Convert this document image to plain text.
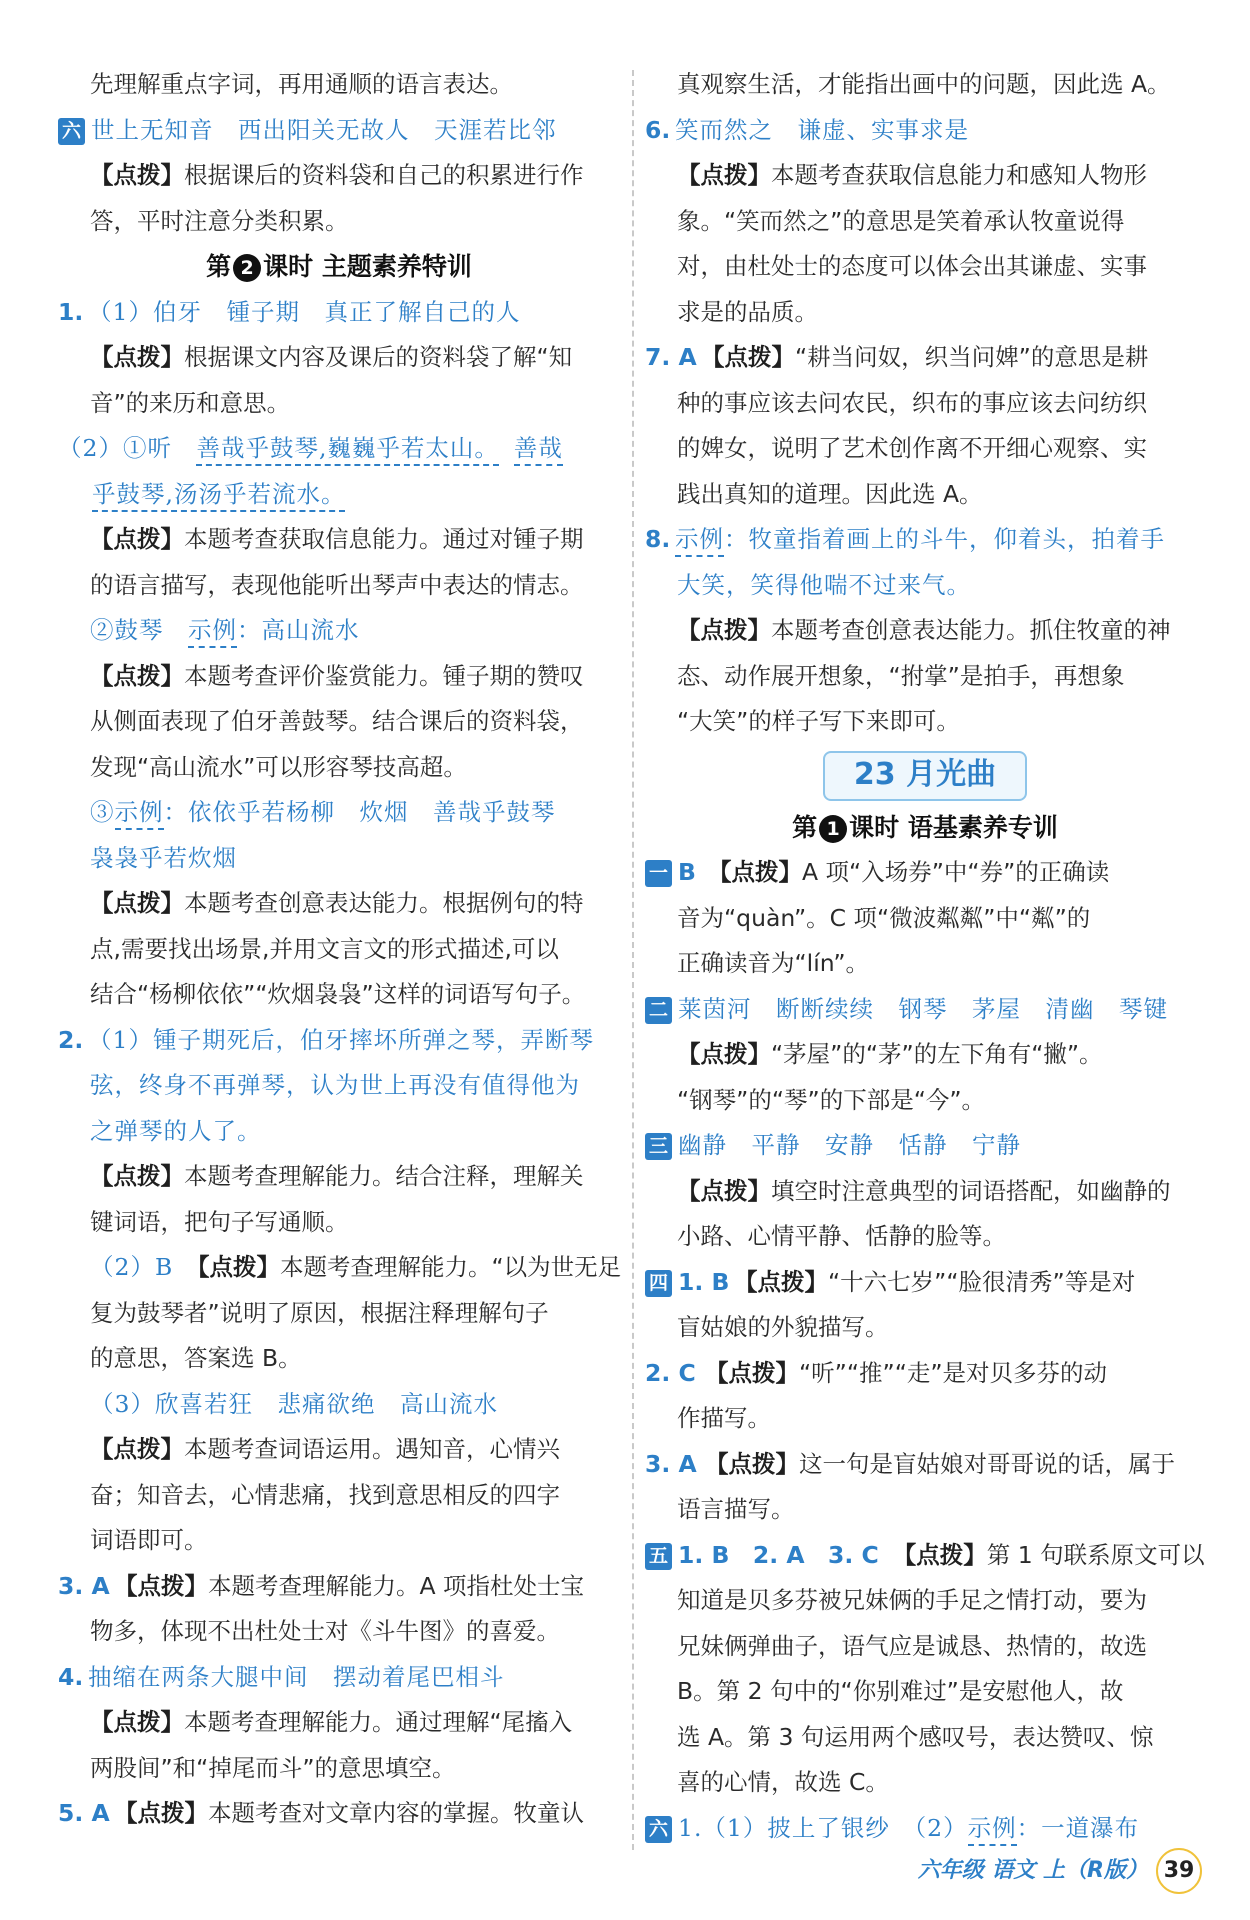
先理解重点字词，再用通顺的语言表达。
六 世上无知音　西出阳关无故人　天涯若比邻
【点拨】根据课后的资料袋和自己的积累进行作
答，平时注意分类积累。
第 2 课时 主题素养特训
1. （1）伯牙　锺子期　真正了解自己的人
【点拨】根据课文内容及课后的资料袋了解“知
音”的来历和意思。
（2）①听　善哉乎鼓琴,巍巍乎若太山。 善哉
乎鼓琴,汤汤乎若流水。
【点拨】本题考查获取信息能力。通过对锺子期
的语言描写，表现他能听出琴声中表达的情志。
②鼓琴　示例：高山流水
【点拨】本题考查评价鉴赏能力。锺子期的赞叹
从侧面表现了伯牙善鼓琴。结合课后的资料袋，
发现“高山流水”可以形容琴技高超。
③示例：依依乎若杨柳　炊烟　善哉乎鼓琴
袅袅乎若炊烟
【点拨】本题考查创意表达能力。根据例句的特
点,需要找出场景,并用文言文的形式描述,可以
结合“杨柳依依”“炊烟袅袅”这样的词语写句子。
2. （1）锺子期死后，伯牙摔坏所弹之琴，弄断琴
弦，终身不再弹琴，认为世上再没有值得他为
之弹琴的人了。
【点拨】本题考查理解能力。结合注释，理解关
键词语，把句子写通顺。
（2）B　【点拨】本题考查理解能力。“以为世无足
复为鼓琴者”说明了原因，根据注释理解句子
的意思，答案选 B。
（3）欣喜若狂　悲痛欲绝　高山流水
【点拨】本题考查词语运用。遇知音，心情兴
奋；知音去，心情悲痛，找到意思相反的四字
词语即可。
3. A 【点拨】本题考查理解能力。A 项指杜处士宝
物多，体现不出杜处士对《斗牛图》的喜爱。
4. 抽缩在两条大腿中间　摆动着尾巴相斗
【点拨】本题考查理解能力。通过理解“尾搐入
两股间”和“掉尾而斗”的意思填空。
5. A 【点拨】本题考查对文章内容的掌握。牧童认
真观察生活，才能指出画中的问题，因此选 A。
6. 笑而然之　谦虚、实事求是
【点拨】本题考查获取信息能力和感知人物形
象。“笑而然之”的意思是笑着承认牧童说得
对，由杜处士的态度可以体会出其谦虚、实事
求是的品质。
7. A 【点拨】“耕当问奴，织当问婢”的意思是耕
种的事应该去问农民，织布的事应该去问纺织
的婢女，说明了艺术创作离不开细心观察、实
践出真知的道理。因此选 A。
8. 示例：牧童指着画上的斗牛，仰着头，拍着手
大笑，笑得他喘不过来气。
【点拨】本题考查创意表达能力。抓住牧童的神
态、动作展开想象，“拊掌”是拍手，再想象
“大笑”的样子写下来即可。
23 月光曲
第 1 课时 语基素养专训
一 B 【点拨】A 项“入场券”中“券”的正确读
音为“quàn”。C 项“微波粼粼”中“粼”的
正确读音为“lín”。
二 莱茵河　断断续续　钢琴　茅屋　清幽　琴键
【点拨】“茅屋”的“茅”的左下角有“撇”。
“钢琴”的“琴”的下部是“今”。
三 幽静　平静　安静　恬静　宁静
【点拨】填空时注意典型的词语搭配，如幽静的
小路、心情平静、恬静的脸等。
四 1. B 【点拨】“十六七岁”“脸很清秀”等是对
盲姑娘的外貌描写。
2. C 【点拨】“听”“推”“走”是对贝多芬的动
作描写。
3. A 【点拨】这一句是盲姑娘对哥哥说的话，属于
语言描写。
五 1. B　2. A　3. C 【点拨】第 1 句联系原文可以
知道是贝多芬被兄妹俩的手足之情打动，要为
兄妹俩弹曲子，语气应是诚恳、热情的，故选
B。第 2 句中的“你别难过”是安慰他人，故
选 A。第 3 句运用两个感叹号，表达赞叹、惊
喜的心情，故选 C。
六 1.（1）披上了银纱　（2）示例：一道瀑布
六年级 语文 上（R版） 39
